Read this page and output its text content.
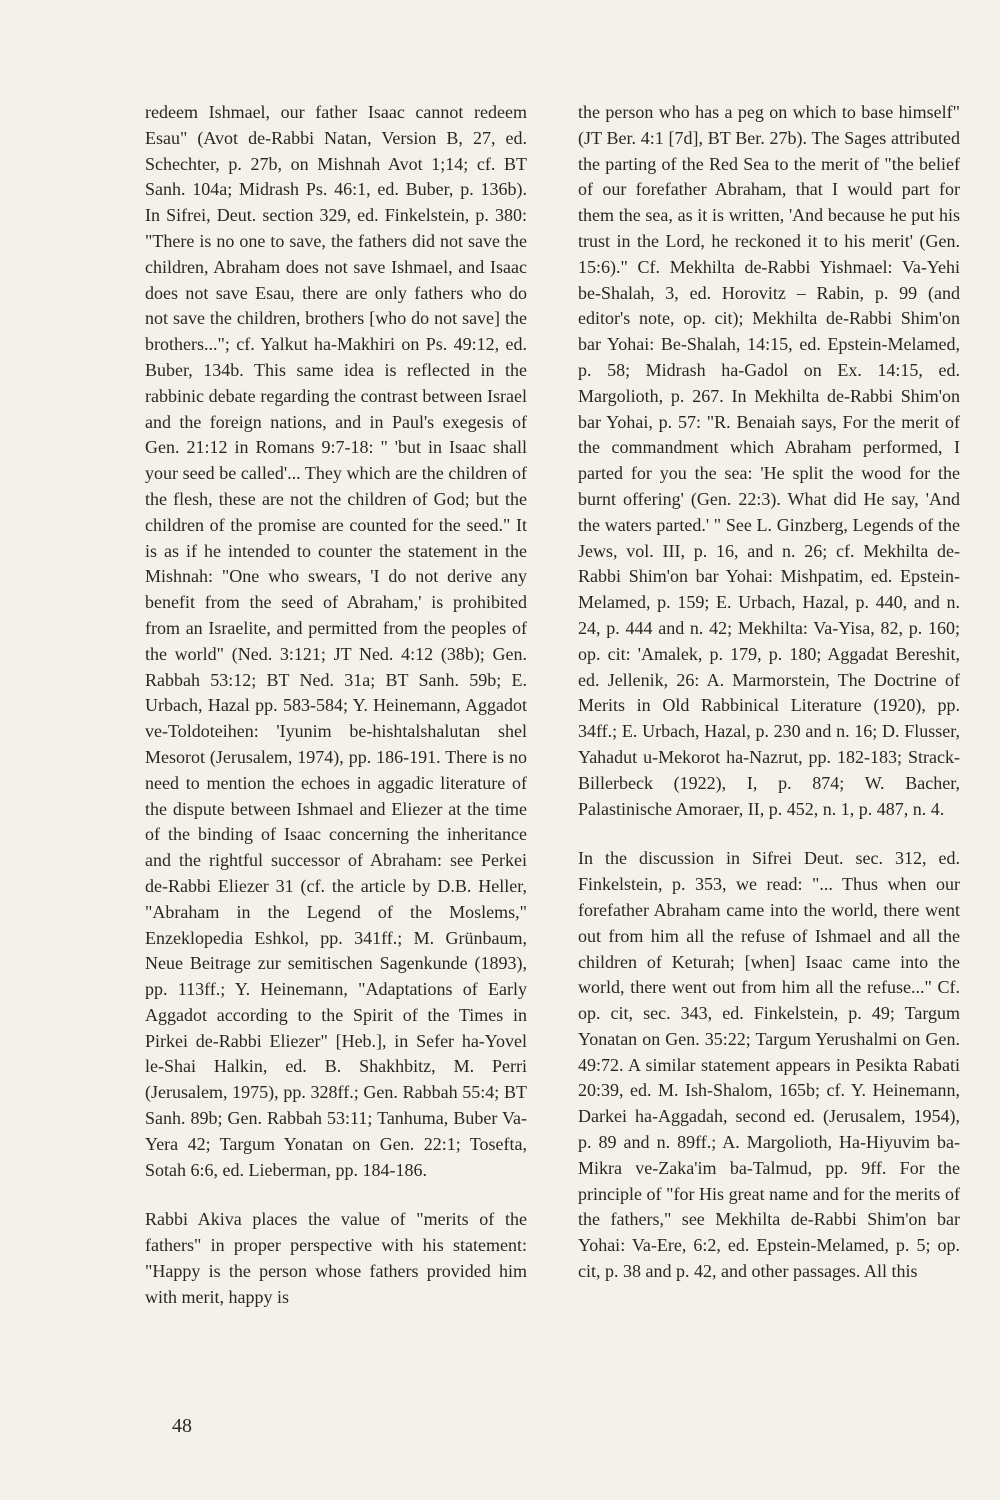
redeem Ishmael, our father Isaac cannot redeem Esau" (Avot de-Rabbi Natan, Version B, 27, ed. Schechter, p. 27b, on Mishnah Avot 1;14; cf. BT Sanh. 104a; Midrash Ps. 46:1, ed. Buber, p. 136b). In Sifrei, Deut. section 329, ed. Finkelstein, p. 380: "There is no one to save, the fathers did not save the children, Abraham does not save Ishmael, and Isaac does not save Esau, there are only fathers who do not save the children, brothers [who do not save] the brothers..."; cf. Yalkut ha-Makhiri on Ps. 49:12, ed. Buber, 134b. This same idea is reflected in the rabbinic debate regarding the contrast between Israel and the foreign nations, and in Paul's exegesis of Gen. 21:12 in Romans 9:7-18: " 'but in Isaac shall your seed be called'... They which are the children of the flesh, these are not the children of God; but the children of the promise are counted for the seed." It is as if he intended to counter the statement in the Mishnah: "One who swears, 'I do not derive any benefit from the seed of Abraham,' is prohibited from an Israelite, and permitted from the peoples of the world" (Ned. 3:121; JT Ned. 4:12 (38b); Gen. Rabbah 53:12; BT Ned. 31a; BT Sanh. 59b; E. Urbach, Hazal pp. 583-584; Y. Heinemann, Aggadot ve-Toldoteihen: 'Iyunim be-hishtalshalutan shel Mesorot (Jerusalem, 1974), pp. 186-191. There is no need to mention the echoes in aggadic literature of the dispute between Ishmael and Eliezer at the time of the binding of Isaac concerning the inheritance and the rightful successor of Abraham: see Perkei de-Rabbi Eliezer 31 (cf. the article by D.B. Heller, "Abraham in the Legend of the Moslems," Enzeklopedia Eshkol, pp. 341ff.; M. Grünbaum, Neue Beitrage zur semitischen Sagenkunde (1893), pp. 113ff.; Y. Heinemann, "Adaptations of Early Aggadot according to the Spirit of the Times in Pirkei de-Rabbi Eliezer" [Heb.], in Sefer ha-Yovel le-Shai Halkin, ed. B. Shakhbitz, M. Perri (Jerusalem, 1975), pp. 328ff.; Gen. Rabbah 55:4; BT Sanh. 89b; Gen. Rabbah 53:11; Tanhuma, Buber Va-Yera 42; Targum Yonatan on Gen. 22:1; Tosefta, Sotah 6:6, ed. Lieberman, pp. 184-186.

Rabbi Akiva places the value of "merits of the fathers" in proper perspective with his statement: "Happy is the person whose fathers provided him with merit, happy is

the person who has a peg on which to base himself" (JT Ber. 4:1 [7d], BT Ber. 27b). The Sages attributed the parting of the Red Sea to the merit of "the belief of our forefather Abraham, that I would part for them the sea, as it is written, 'And because he put his trust in the Lord, he reckoned it to his merit' (Gen. 15:6)." Cf. Mekhilta de-Rabbi Yishmael: Va-Yehi be-Shalah, 3, ed. Horovitz – Rabin, p. 99 (and editor's note, op. cit); Mekhilta de-Rabbi Shim'on bar Yohai: Be-Shalah, 14:15, ed. Epstein-Melamed, p. 58; Midrash ha-Gadol on Ex. 14:15, ed. Margolioth, p. 267. In Mekhilta de-Rabbi Shim'on bar Yohai, p. 57: "R. Benaiah says, For the merit of the commandment which Abraham performed, I parted for you the sea: 'He split the wood for the burnt offering' (Gen. 22:3). What did He say, 'And the waters parted.' " See L. Ginzberg, Legends of the Jews, vol. III, p. 16, and n. 26; cf. Mekhilta de-Rabbi Shim'on bar Yohai: Mishpatim, ed. Epstein-Melamed, p. 159; E. Urbach, Hazal, p. 440, and n. 24, p. 444 and n. 42; Mekhilta: Va-Yisa, 82, p. 160; op. cit: 'Amalek, p. 179, p. 180; Aggadat Bereshit, ed. Jellenik, 26: A. Marmorstein, The Doctrine of Merits in Old Rabbinical Literature (1920), pp. 34ff.; E. Urbach, Hazal, p. 230 and n. 16; D. Flusser, Yahadut u-Mekorot ha-Nazrut, pp. 182-183; Strack-Billerbeck (1922), I, p. 874; W. Bacher, Palastinische Amoraer, II, p. 452, n. 1, p. 487, n. 4.

In the discussion in Sifrei Deut. sec. 312, ed. Finkelstein, p. 353, we read: "... Thus when our forefather Abraham came into the world, there went out from him all the refuse of Ishmael and all the children of Keturah; [when] Isaac came into the world, there went out from him all the refuse..." Cf. op. cit, sec. 343, ed. Finkelstein, p. 49; Targum Yonatan on Gen. 35:22; Targum Yerushalmi on Gen. 49:72. A similar statement appears in Pesikta Rabati 20:39, ed. M. Ish-Shalom, 165b; cf. Y. Heinemann, Darkei ha-Aggadah, second ed. (Jerusalem, 1954), p. 89 and n. 89ff.; A. Margolioth, Ha-Hiyuvim ba-Mikra ve-Zaka'im ba-Talmud, pp. 9ff. For the principle of "for His great name and for the merits of the fathers," see Mekhilta de-Rabbi Shim'on bar Yohai: Va-Ere, 6:2, ed. Epstein-Melamed, p. 5; op. cit, p. 38 and p. 42, and other passages. All this

48
